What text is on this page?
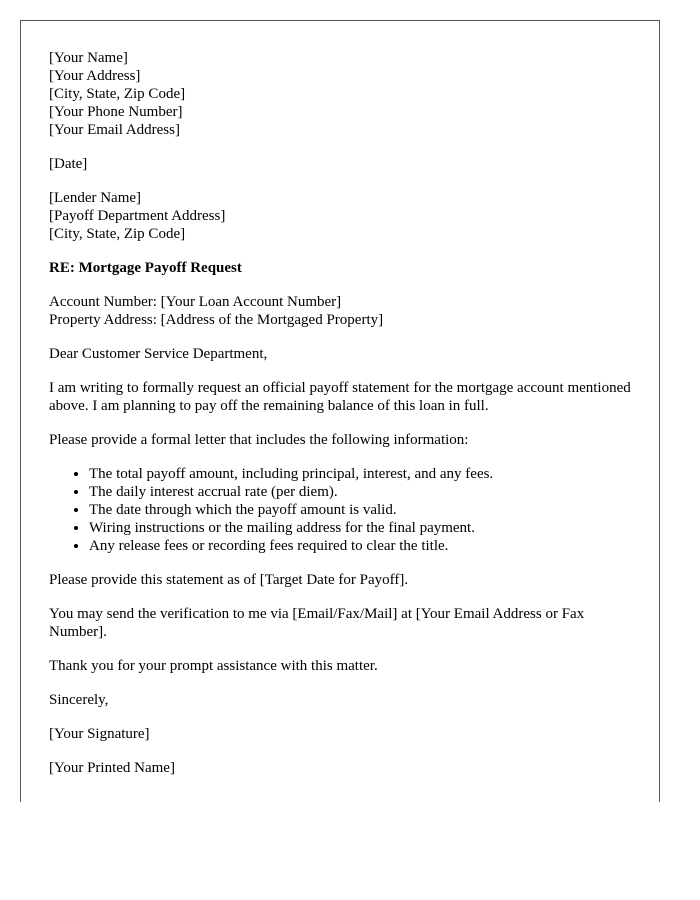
[Your Name]
[Your Address]
[City, State, Zip Code]
[Your Phone Number]
[Your Email Address]
[Date]
[Lender Name]
[Payoff Department Address]
[City, State, Zip Code]
RE: Mortgage Payoff Request
Account Number: [Your Loan Account Number]
Property Address: [Address of the Mortgaged Property]

Dear Customer Service Department,

I am writing to formally request an official payoff statement for the mortgage account mentioned above. I am planning to pay off the remaining balance of this loan in full.

Please provide a formal letter that includes the following information:

• The total payoff amount, including principal, interest, and any fees.
• The daily interest accrual rate (per diem).
• The date through which the payoff amount is valid.
• Wiring instructions or the mailing address for the final payment.
• Any release fees or recording fees required to clear the title.

Please provide this statement as of [Target Date for Payoff].

You may send the verification to me via [Email/Fax/Mail] at [Your Email Address or Fax Number].

Thank you for your prompt assistance with this matter.

Sincerely,

[Your Signature]

[Your Printed Name]
